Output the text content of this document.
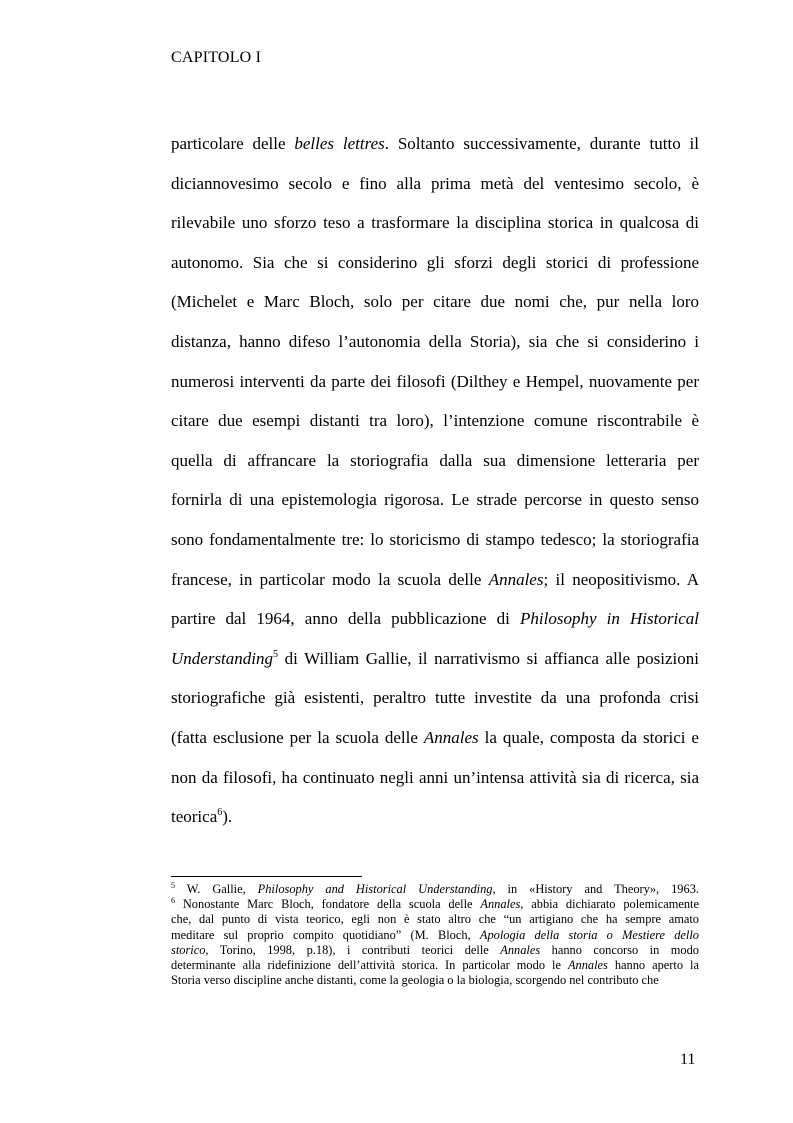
CAPITOLO I
particolare delle belles lettres. Soltanto successivamente, durante tutto il
diciannovesimo secolo e fino alla prima metà del ventesimo secolo, è
rilevabile uno sforzo teso a trasformare la disciplina storica in qualcosa di
autonomo. Sia che si considerino gli sforzi degli storici di professione
(Michelet e Marc Bloch, solo per citare due nomi che, pur nella loro
distanza, hanno difeso l’autonomia della Storia), sia che si considerino i
numerosi interventi da parte dei filosofi (Dilthey e Hempel, nuovamente per
citare due esempi distanti tra loro), l’intenzione comune riscontrabile è
quella di affrancare la storiografia dalla sua dimensione letteraria per
fornirla di una epistemologia rigorosa. Le strade percorse in questo senso
sono fondamentalmente tre: lo storicismo di stampo tedesco; la storiografia
francese, in particolar modo la scuola delle Annales; il neopositivismo. A
partire dal 1964, anno della pubblicazione di Philosophy in Historical
Understanding$^5$ di William Gallie, il narrativismo si affianca alle posizioni
storiografiche già esistenti, peraltro tutte investite da una profonda crisi
(fatta esclusione per la scuola delle Annales la quale, composta da storici e
non da filosofi, ha continuato negli anni un’intensa attività sia di ricerca, sia
teorica$^6$).
$^5$ W. Gallie, Philosophy and Historical Understanding, in «History and Theory», 1963.
$^6$ Nonostante Marc Bloch, fondatore della scuola delle Annales, abbia dichiarato polemicamente
che, dal punto di vista teorico, egli non è stato altro che “un artigiano che ha sempre amato
meditare sul proprio compito quotidiano” (M. Bloch, Apologia della storia o Mestiere dello
storico, Torino, 1998, p.18), i contributi teorici delle Annales hanno concorso in modo
determinante alla ridefinizione dell’attività storica. In particolar modo le Annales hanno aperto la
Storia verso discipline anche distanti, come la geologia o la biologia, scorgendo nel contributo che
11
